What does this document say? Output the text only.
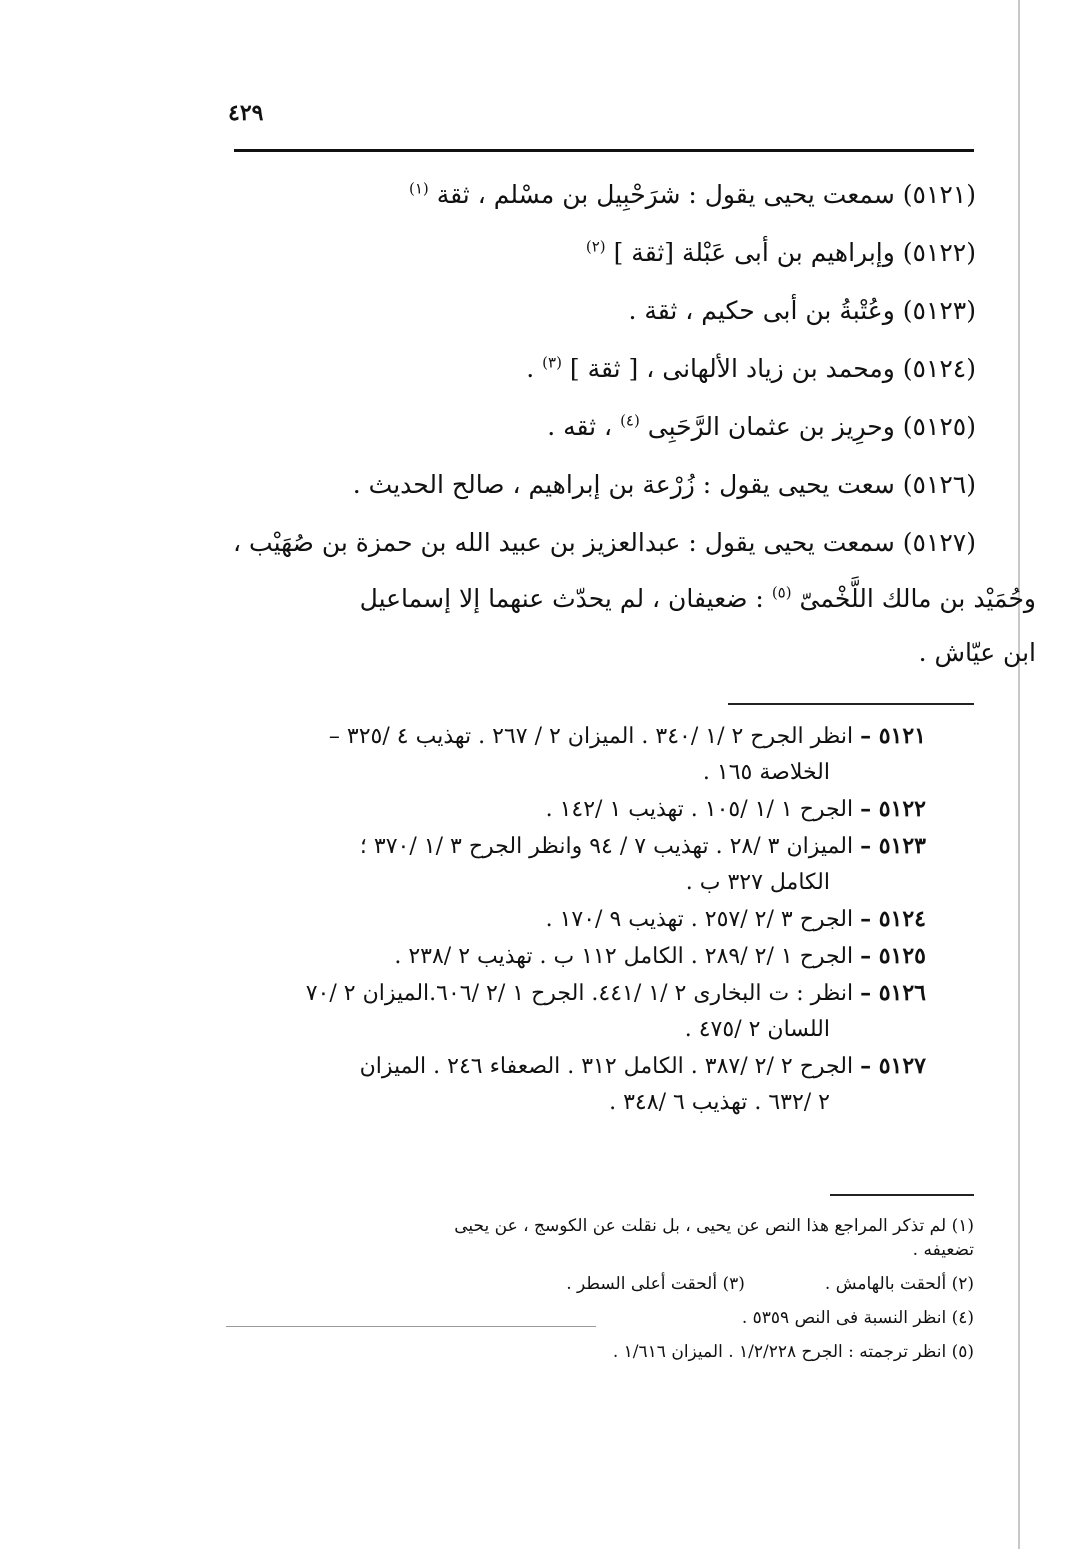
٤٢٩
(٥١٢١) سمعت يحيى يقول : شرَحْبِيل بن مسْلم ، ثقة $^{(١)}$
(٥١٢٢) وإبراهيم بن أبى عَبْلة [ثقة ] $^{(٢)}$
(٥١٢٣) وعُتْبةُ بن أبى حكيم ، ثقة .
(٥١٢٤) ومحمد بن زياد الألهانى ، [ ثقة ] $^{(٣)}$ .
(٥١٢٥) وحرِيز بن عثمان الرَّحَبِى $^{(٤)}$ ، ثقه .
(٥١٢٦) سعت يحيى يقول : زُرْعة بن إبراهيم ، صالح الحديث .
(٥١٢٧) سمعت يحيى يقول : عبدالعزيز بن عبيد الله بن حمزة بن صُهَيْب ،
وحُمَيْد بن مالك اللَّخْمىّ $^{(٥)}$ : ضعيفان ، لم يحدّث عنهما إلا إسماعيل
ابن عيّاش .
٥١٢١ – انظر الجرح ٢ /١ /٣٤٠ . الميزان ٢ / ٢٦٧ . تهذيب ٤ /٣٢٥ –
الخلاصة ١٦٥ .
٥١٢٢ – الجرح ١ /١ /١٠٥ . تهذيب ١ /١٤٢ .
٥١٢٣ – الميزان ٣ /٢٨ . تهذيب ٧ / ٩٤ وانظر الجرح ٣ /١ /٣٧٠ ؛
الكامل ٣٢٧ ب .
٥١٢٤ – الجرح ٣ /٢ /٢٥٧ . تهذيب ٩ /١٧٠ .
٥١٢٥ – الجرح ١ /٢ /٢٨٩ . الكامل ١١٢ ب . تهذيب ٢ /٢٣٨ .
٥١٢٦ – انظر : ت البخارى ٢ /١ /٤٤١. الجرح ١ /٢ /٦٠٦.الميزان ٢ /٧٠
اللسان ٢ /٤٧٥ .
٥١٢٧ – الجرح ٢ /٢ /٣٨٧ . الكامل ٣١٢ . الصعفاء ٢٤٦ . الميزان
٢ /٦٣٢ . تهذيب ٦ /٣٤٨ .
(١) لم تذكر المراجع هذا النص عن يحيى ، بل نقلت عن الكوسج ، عن يحيى
تضعيفه .
(٢) ألحقت بالهامش .
(٣) ألحقت أعلى السطر .
(٤) انظر النسبة فى النص ٥٣٥٩ .
(٥) انظر ترجمته : الجرح ١/٢/٢٢٨ . الميزان ١/٦١٦ .
